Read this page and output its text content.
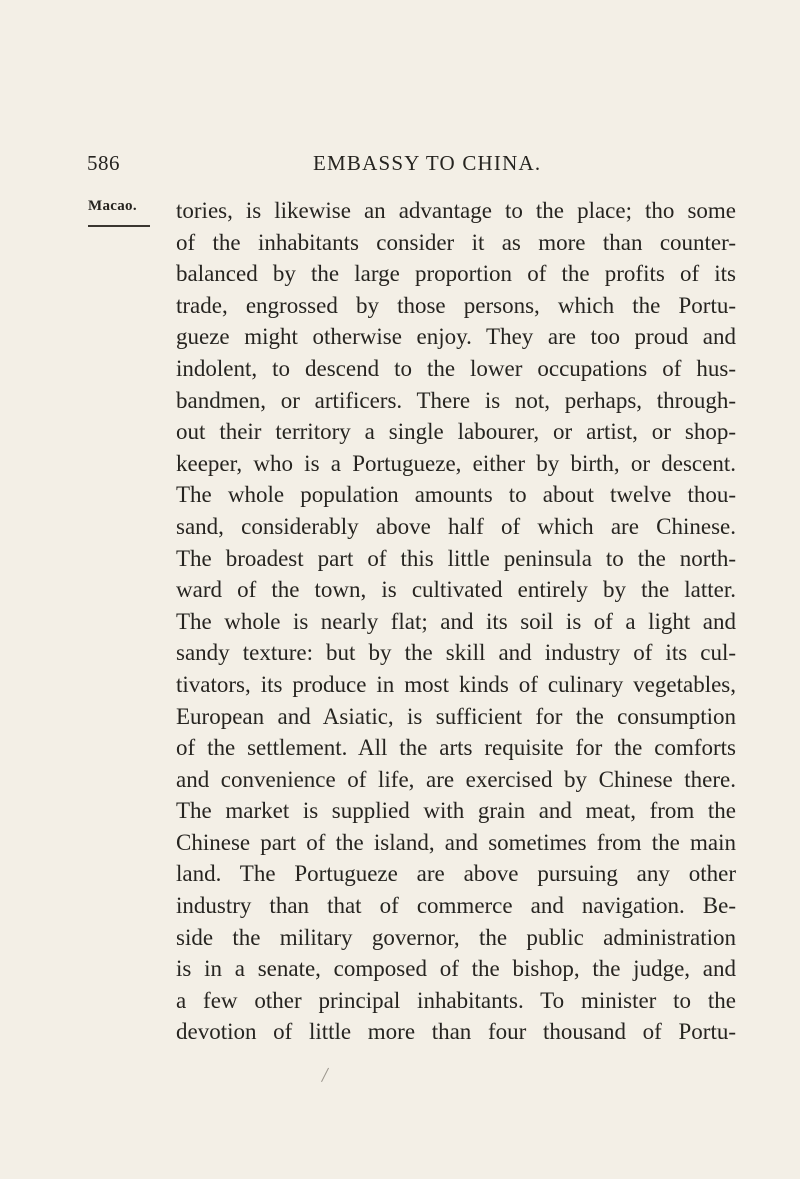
586	EMBASSY TO CHINA.
Macao. tories, is likewise an advantage to the place; tho some
of the inhabitants consider it as more than counter-
balanced by the large proportion of the profits of its
trade, engrossed by those persons, which the Portu-
gueze might otherwise enjoy. They are too proud and
indolent, to descend to the lower occupations of hus-
bandmen, or artificers. There is not, perhaps, through-
out their territory a single labourer, or artist, or shop-
keeper, who is a Portugueze, either by birth, or descent.
The whole population amounts to about twelve thou-
sand, considerably above half of which are Chinese.
The broadest part of this little peninsula to the north-
ward of the town, is cultivated entirely by the latter.
The whole is nearly flat; and its soil is of a light and
sandy texture: but by the skill and industry of its cul-
tivators, its produce in most kinds of culinary vegetables,
European and Asiatic, is sufficient for the consumption
of the settlement. All the arts requisite for the comforts
and convenience of life, are exercised by Chinese there.
The market is supplied with grain and meat, from the
Chinese part of the island, and sometimes from the main
land. The Portugueze are above pursuing any other
industry than that of commerce and navigation. Be-
side the military governor, the public administration
is in a senate, composed of the bishop, the judge, and
a few other principal inhabitants. To minister to the
devotion of little more than four thousand of Portu-
/
